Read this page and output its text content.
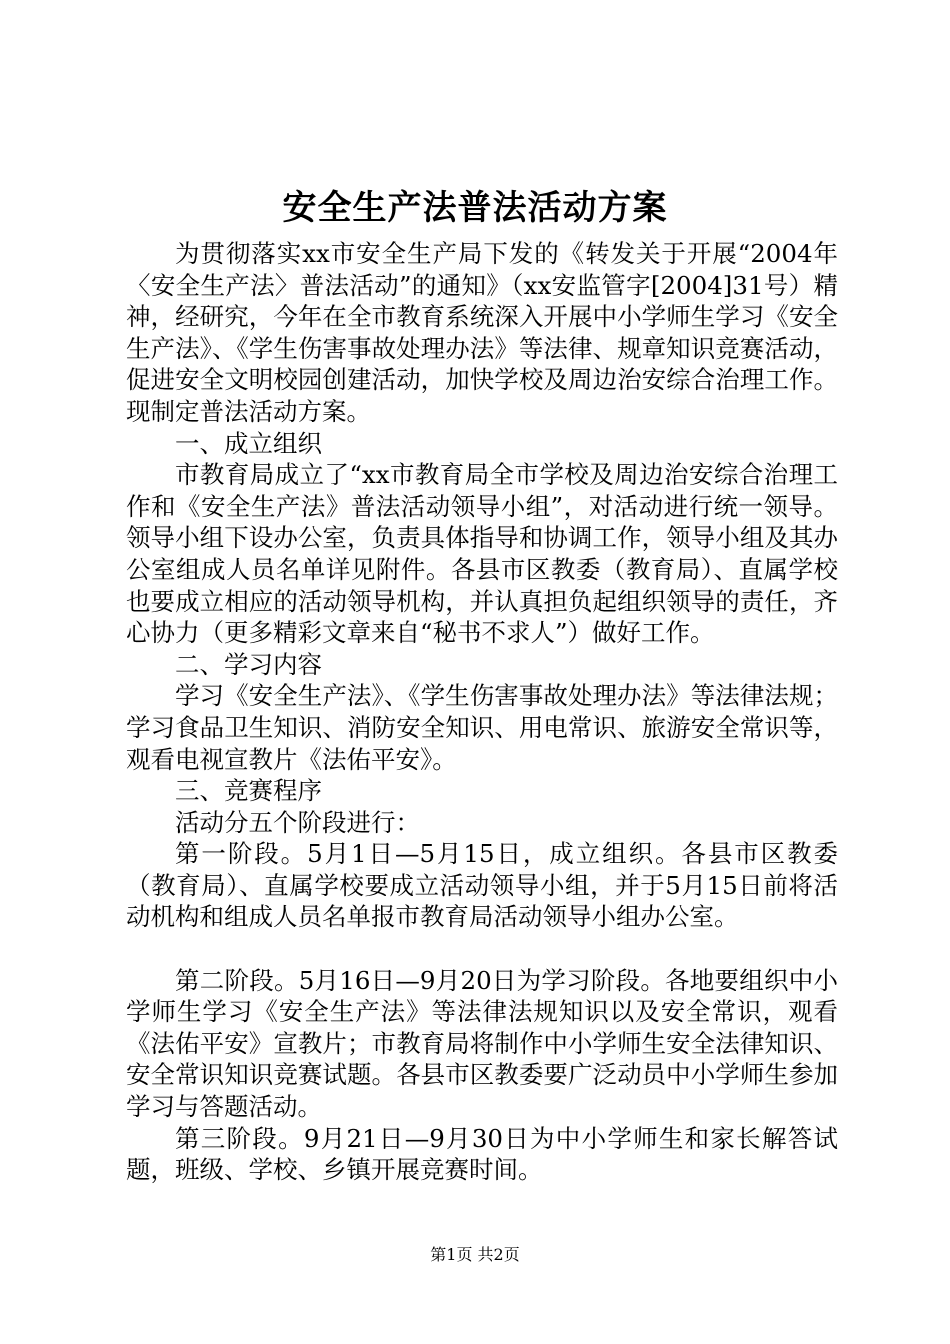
安全生产法普法活动方案

为贯彻落实xx市安全生产局下发的《转发关于开展“2004年〈安全生产法〉普法活动”的通知》（xx安监管字[2004]31号）精神，经研究，今年在全市教育系统深入开展中小学师生学习《安全生产法》、《学生伤害事故处理办法》等法律、规章知识竞赛活动，促进安全文明校园创建活动，加快学校及周边治安综合治理工作。现制定普法活动方案。

一、成立组织

市教育局成立了“xx市教育局全市学校及周边治安综合治理工作和《安全生产法》普法活动领导小组”，对活动进行统一领导。领导小组下设办公室，负责具体指导和协调工作，领导小组及其办公室组成人员名单详见附件。各县市区教委（教育局）、直属学校也要成立相应的活动领导机构，并认真担负起组织领导的责任，齐心协力（更多精彩文章来自“秘书不求人”）做好工作。

二、学习内容

学习《安全生产法》、《学生伤害事故处理办法》等法律法规；学习食品卫生知识、消防安全知识、用电常识、旅游安全常识等，观看电视宣教片《法佑平安》。

三、竞赛程序

活动分五个阶段进行：

第一阶段。5月1日—5月15日，成立组织。各县市区教委（教育局）、直属学校要成立活动领导小组，并于5月15日前将活动机构和组成人员名单报市教育局活动领导小组办公室。

第二阶段。5月16日—9月20日为学习阶段。各地要组织中小学师生学习《安全生产法》等法律法规知识以及安全常识，观看《法佑平安》宣教片；市教育局将制作中小学师生安全法律知识、安全常识知识竞赛试题。各县市区教委要广泛动员中小学师生参加学习与答题活动。

第三阶段。9月21日—9月30日为中小学师生和家长解答试题，班级、学校、乡镇开展竞赛时间。

第1页 共2页
